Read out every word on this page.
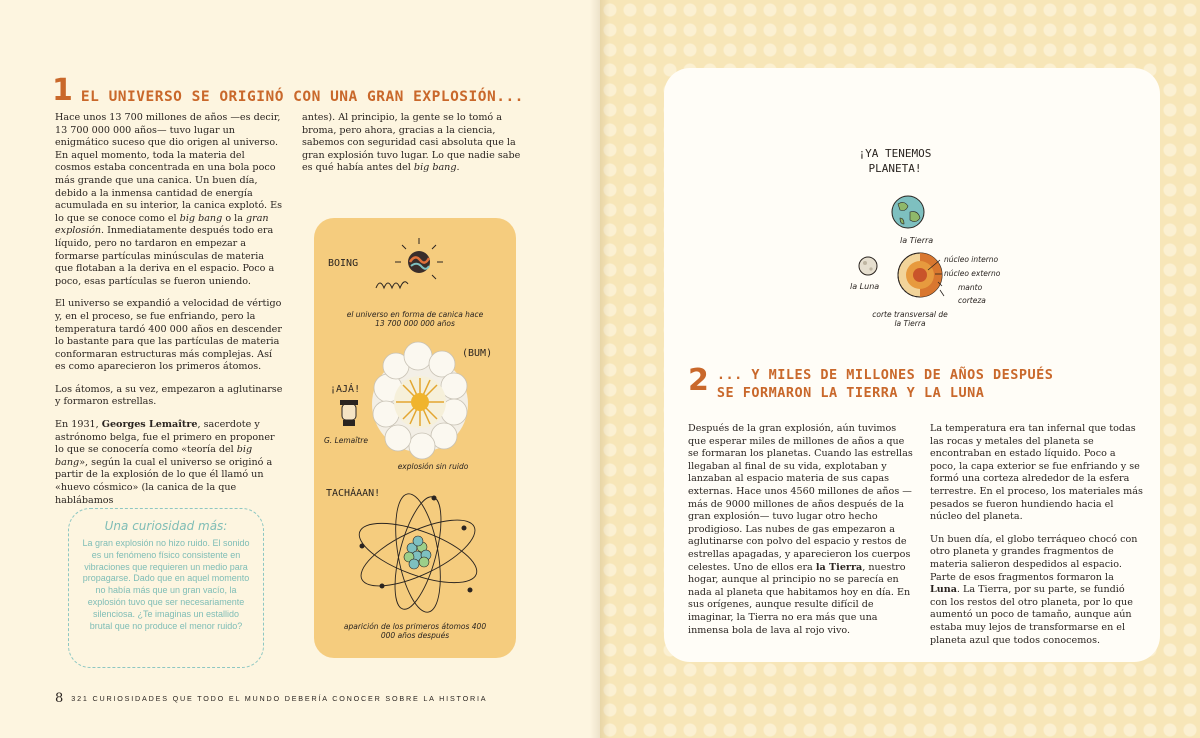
1 EL UNIVERSO SE ORIGINÓ CON UNA GRAN EXPLOSIÓN...

Hace unos 13 700 millones de años —es decir, 13 700 000 000 años— tuvo lugar un enigmático suceso que dio origen al universo. En aquel momento, toda la materia del cosmos estaba concentrada en una bola poco más grande que una canica. Un buen día, debido a la inmensa cantidad de energía acumulada en su interior, la canica explotó. Es lo que se conoce como el big bang o la gran explosión. Inmediatamente después todo era líquido, pero no tardaron en empezar a formarse partículas minúsculas de materia que flotaban a la deriva en el espacio. Poco a poco, esas partículas se fueron uniendo.

El universo se expandió a velocidad de vértigo y, en el proceso, se fue enfriando, pero la temperatura tardó 400 000 años en descender lo bastante para que las partículas de materia conformaran estructuras más complejas. Así es como aparecieron los primeros átomos.

Los átomos, a su vez, empezaron a aglutinarse y formaron estrellas.

En 1931, Georges Lemaître, sacerdote y astrónomo belga, fue el primero en proponer lo que se conocería como «teoría del big bang», según la cual el universo se originó a partir de la explosión de lo que él llamó un «huevo cósmico» (la canica de la que hablábamos

antes). Al principio, la gente se lo tomó a broma, pero ahora, gracias a la ciencia, sabemos con seguridad casi absoluta que la gran explosión tuvo lugar. Lo que nadie sabe es qué había antes del big bang.

BOING
el universo en forma de canica hace 13 700 000 000 años
(BUM)
¡AJÁ!
G. Lemaître
explosión sin ruido
TACHÁAAN!
aparición de los primeros átomos 400 000 años después
Una curiosidad más:
La gran explosión no hizo ruido. El sonido es un fenómeno físico consistente en vibraciones que requieren un medio para propagarse. Dado que en aquel momento no había más que un gran vacío, la explosión tuvo que ser necesariamente silenciosa. ¿Te imaginas un estallido brutal que no produce el menor ruido?
8 321 CURIOSIDADES QUE TODO EL MUNDO DEBERÍA CONOCER SOBRE LA HISTORIA
¡YA TENEMOS PLANETA!
la Tierra
la Luna
núcleo interno
núcleo externo
manto
corteza
corte transversal de la Tierra
2 ... Y MILES DE MILLONES DE AÑOS DESPUÉS
SE FORMARON LA TIERRA Y LA LUNA

Después de la gran explosión, aún tuvimos que esperar miles de millones de años a que se formaran los planetas. Cuando las estrellas llegaban al final de su vida, explotaban y lanzaban al espacio materia de sus capas externas. Hace unos 4560 millones de años —más de 9000 millones de años después de la gran explosión— tuvo lugar otro hecho prodigioso. Las nubes de gas empezaron a aglutinarse con polvo del espacio y restos de estrellas apagadas, y aparecieron los cuerpos celestes. Uno de ellos era la Tierra, nuestro hogar, aunque al principio no se parecía en nada al planeta que habitamos hoy en día. En sus orígenes, aunque resulte difícil de imaginar, la Tierra no era más que una inmensa bola de lava al rojo vivo.

La temperatura era tan infernal que todas las rocas y metales del planeta se encontraban en estado líquido. Poco a poco, la capa exterior se fue enfriando y se formó una corteza alrededor de la esfera terrestre. En el proceso, los materiales más pesados se fueron hundiendo hacia el núcleo del planeta.

Un buen día, el globo terráqueo chocó con otro planeta y grandes fragmentos de materia salieron despedidos al espacio. Parte de esos fragmentos formaron la Luna. La Tierra, por su parte, se fundió con los restos del otro planeta, por lo que aumentó un poco de tamaño, aunque aún estaba muy lejos de transformarse en el planeta azul que todos conocemos.
